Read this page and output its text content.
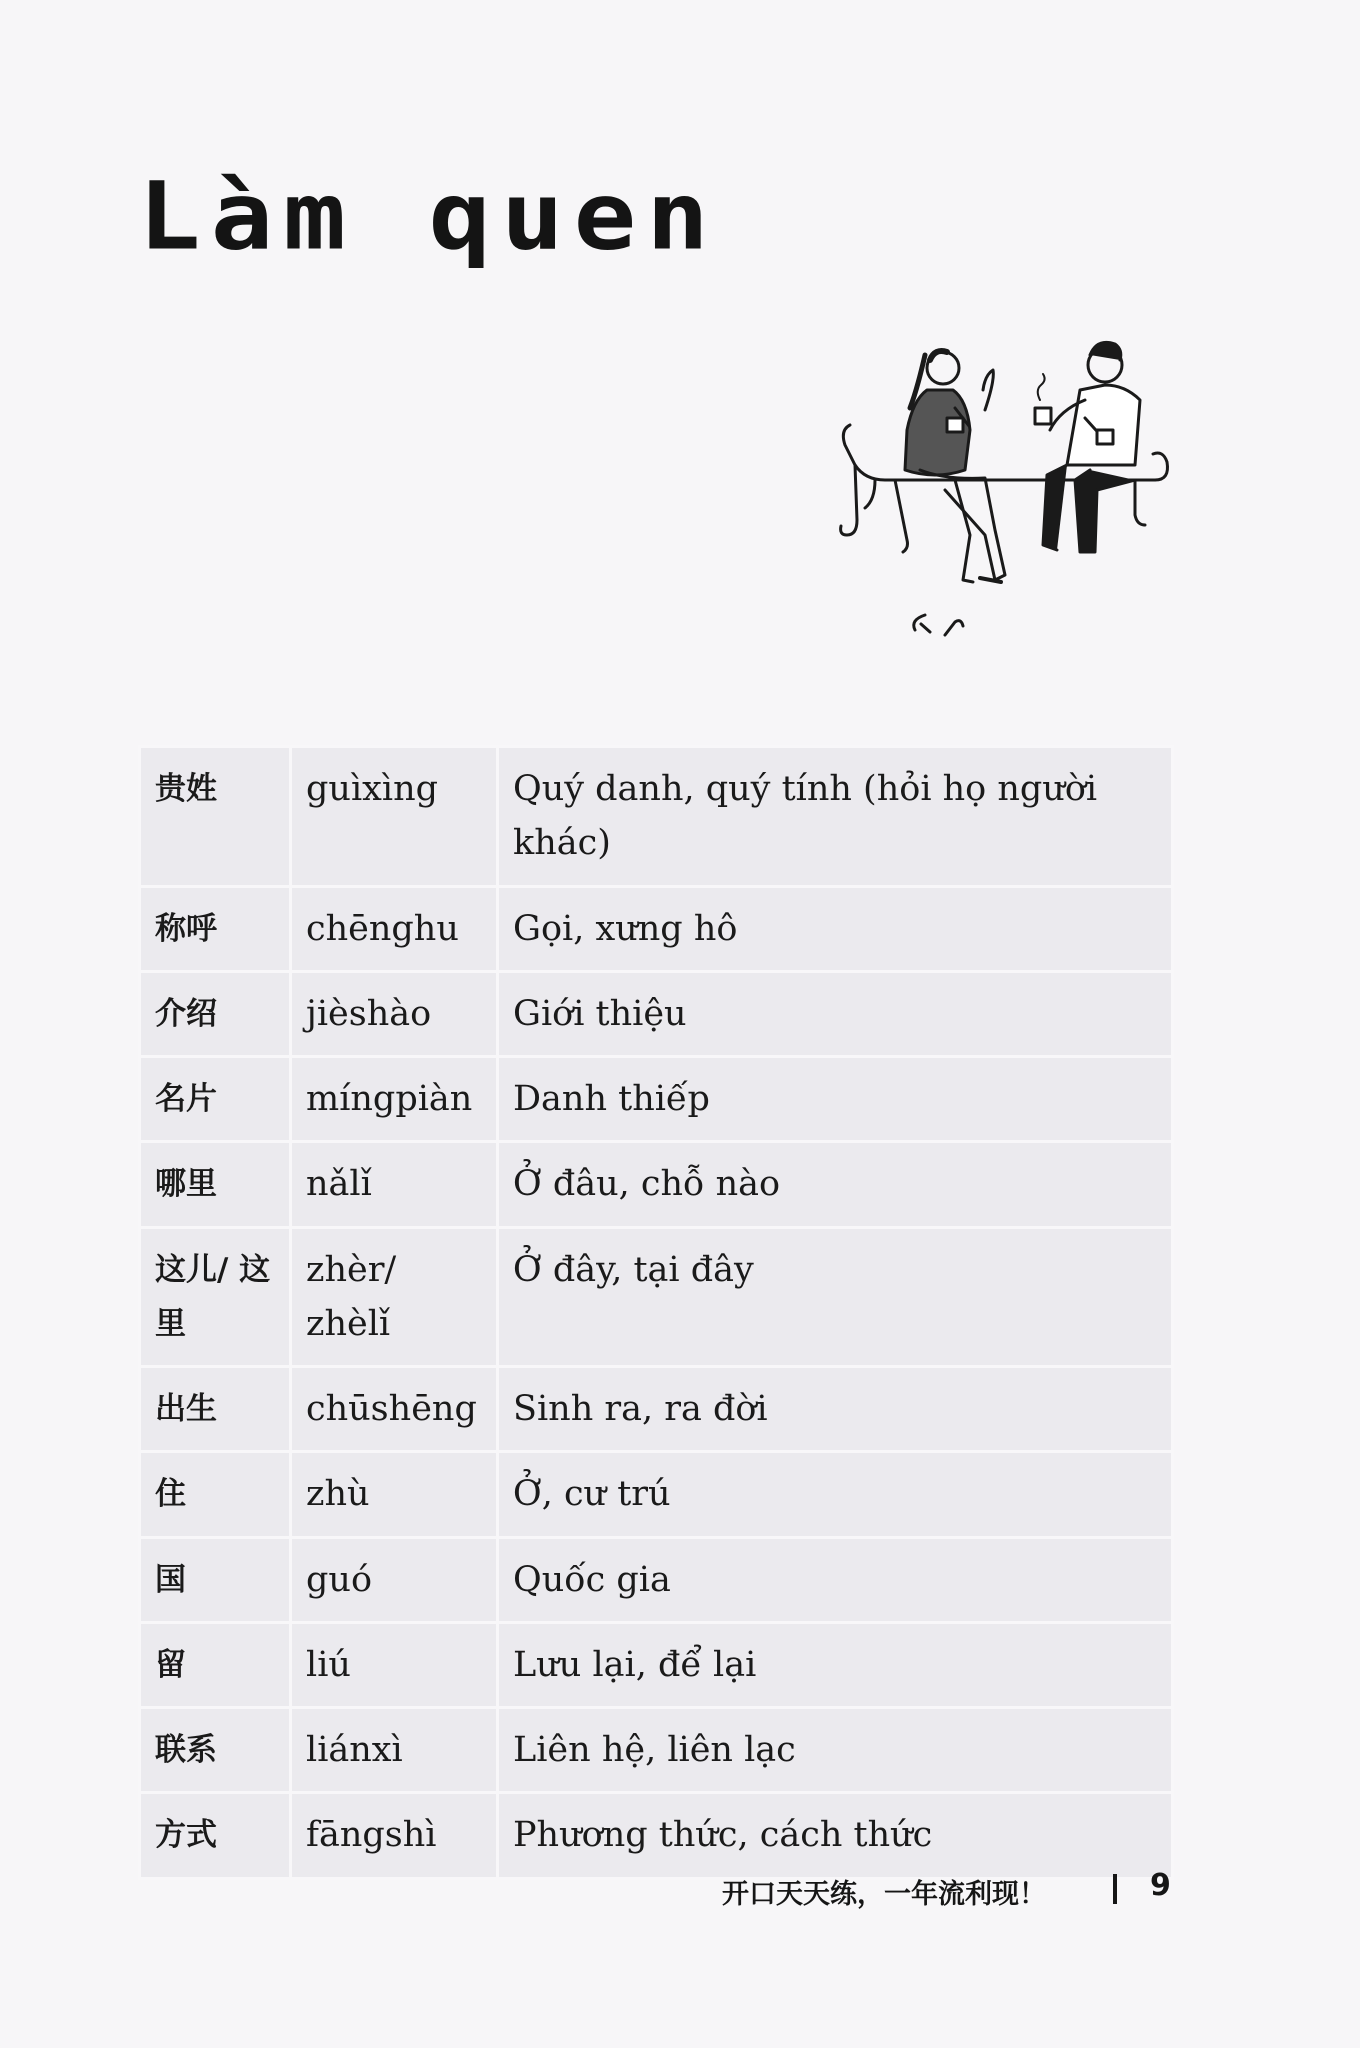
Làm quen
贵姓	guìxìng	Quý danh, quý tính (hỏi họ người khác)
称呼	chēnghu	Gọi, xưng hô
介绍	jièshào	Giới thiệu
名片	míngpiàn	Danh thiếp
哪里	nǎlǐ	Ở đâu, chỗ nào
这儿/ 这里	zhèr/ zhèlǐ	Ở đây, tại đây
出生	chūshēng	Sinh ra, ra đời
住	zhù	Ở, cư trú
国	guó	Quốc gia
留	liú	Lưu lại, để lại
联系	liánxì	Liên hệ, liên lạc
方式	fāngshì	Phương thức, cách thức
开口天天练，一年流利现！	9
